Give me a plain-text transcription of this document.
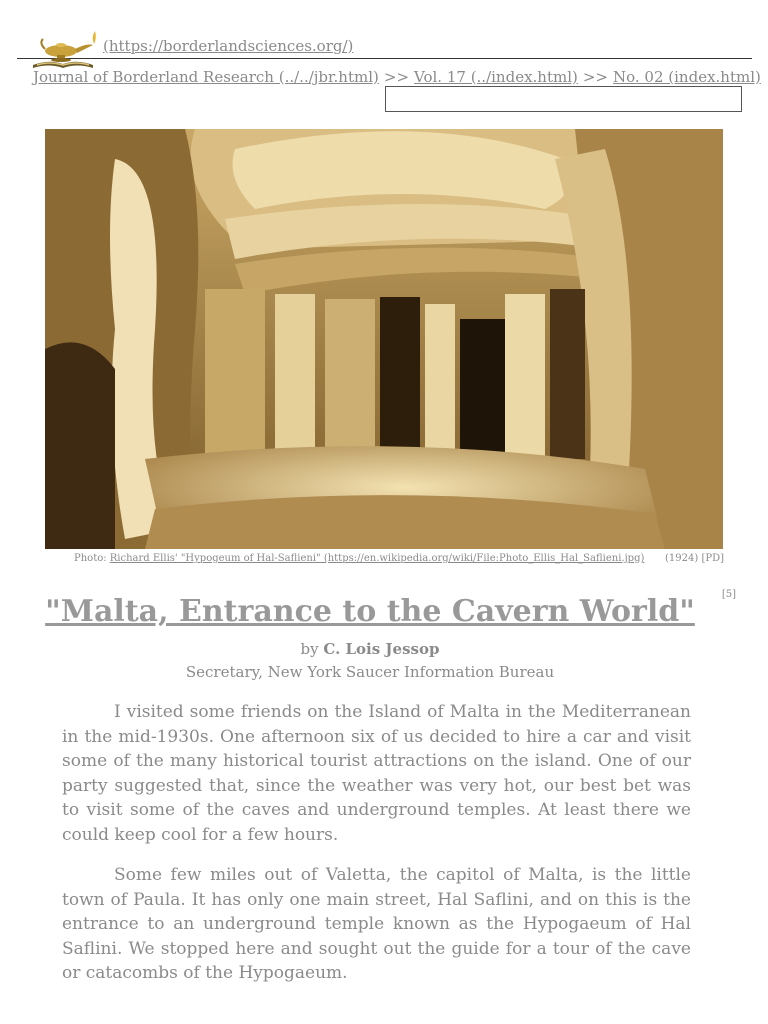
(https://borderlandsciences.org/)
Journal of Borderland Research (../../jbr.html) >> Vol. 17 (../index.html) >> No. 02 (index.html)
Photo: Richard Ellis' "Hypogeum of Hal-Saflieni" (https://en.wikipedia.org/wiki/File:Photo_Ellis_Hal_Saflieni.jpg) (1924) [PD]
[5]
"Malta, Entrance to the Cavern World"
by C. Lois Jessop
Secretary, New York Saucer Information Bureau

I visited some friends on the Island of Malta in the Mediterranean in the mid-1930s. One afternoon six of us decided to hire a car and visit some of the many historical tourist attractions on the island. One of our party suggested that, since the weather was very hot, our best bet was to visit some of the caves and underground temples. At least there we could keep cool for a few hours.

Some few miles out of Valetta, the capitol of Malta, is the little town of Paula. It has only one main street, Hal Saflini, and on this is the entrance to an underground temple known as the Hypogaeum of Hal Saflini. We stopped here and sought out the guide for a tour of the cave or catacombs of the Hypogaeum.
